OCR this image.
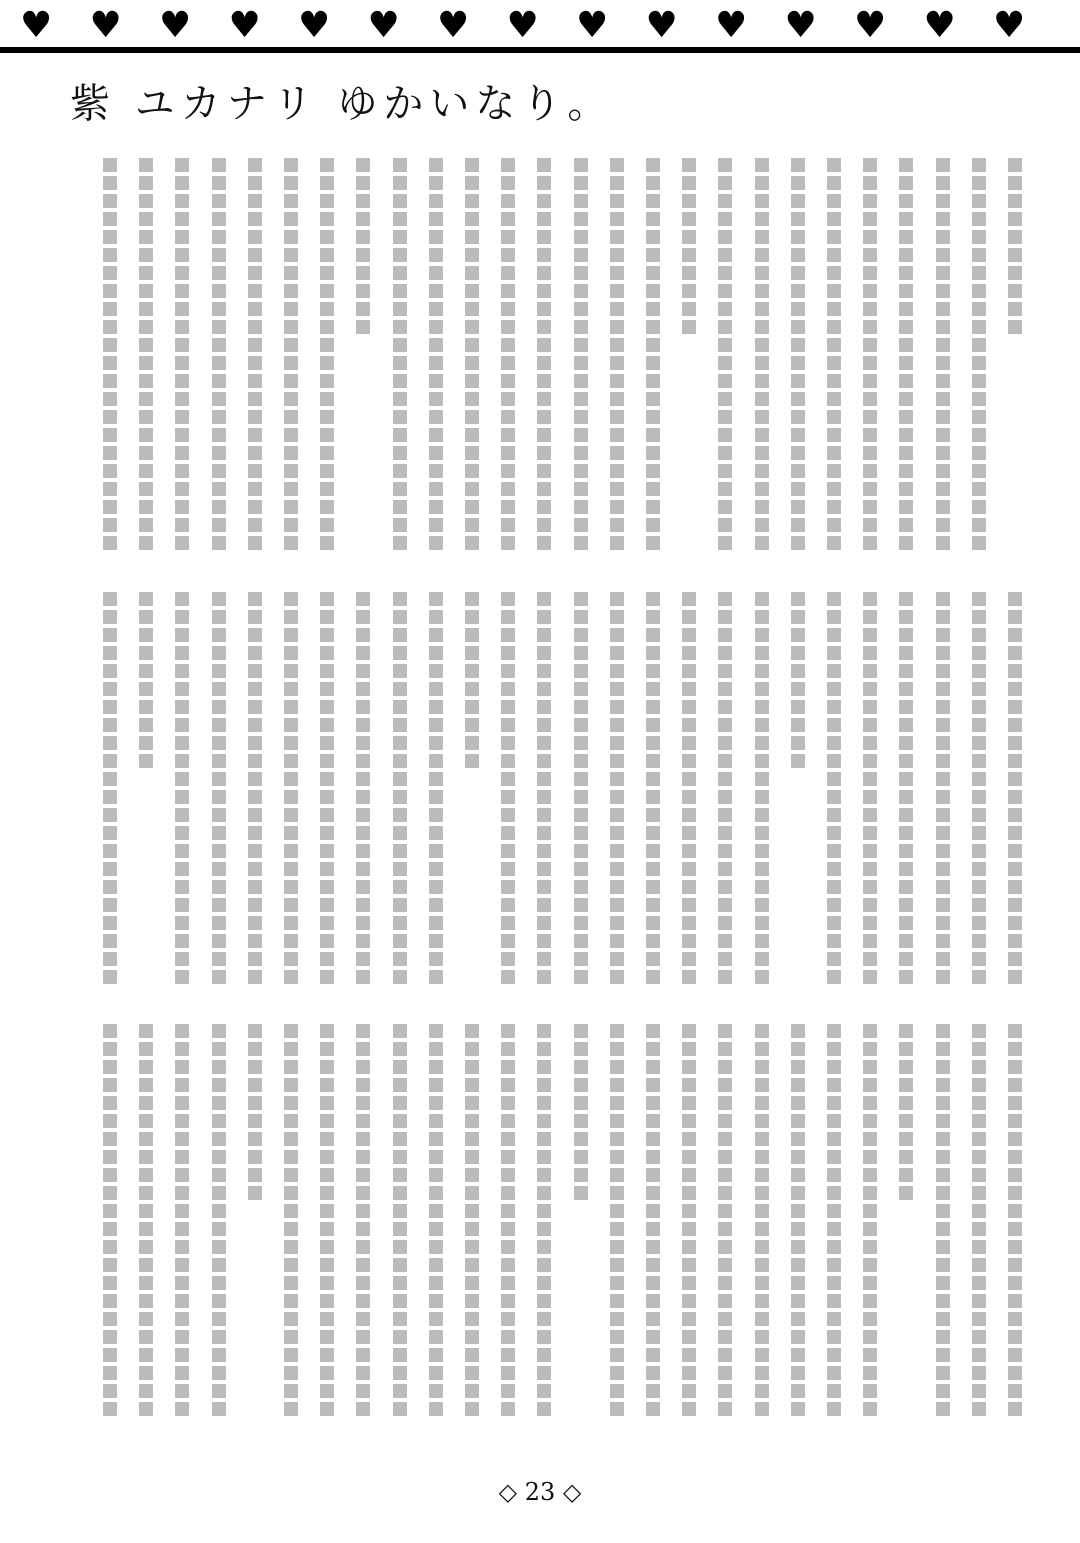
♥ ♥ ♥ ♥ ♥ ♥ ♥ ♥ ♥ ♥ ♥ ♥ ♥ ♥ ♥
紫 ユカナリ ゆかいなり。
◇ 23 ◇
